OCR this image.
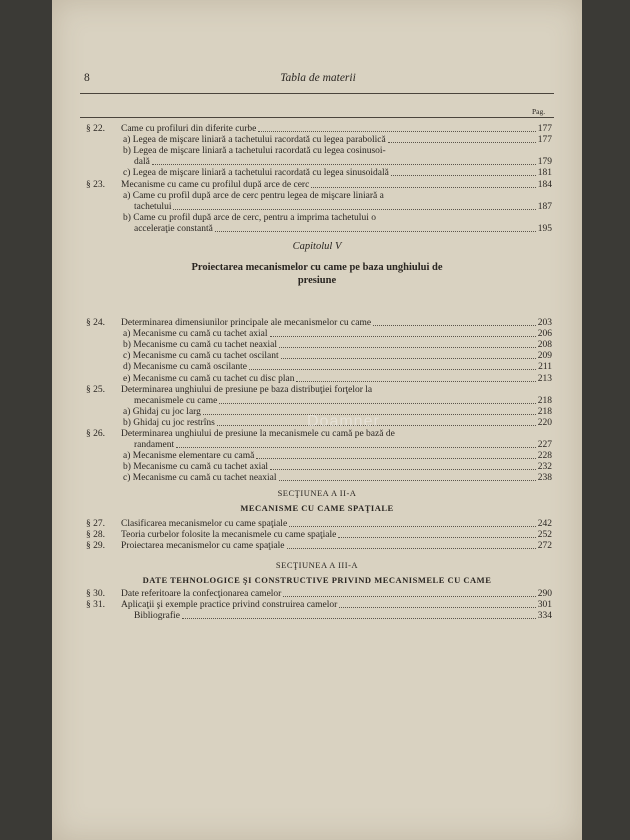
8	Tabla de materii
Pag.
§ 22. Came cu profiluri din diferite curbe	177
a) Legea de mişcare liniară a tachetului racordată cu legea parabolică	177
b) Legea de mişcare liniară a tachetului racordată cu legea cosinusoi-
dală	179
c) Legea de mişcare liniară a tachetului racordată cu legea sinusoidală	181
§ 23. Mecanisme cu came cu profilul după arce de cerc	184
a) Came cu profil după arce de cerc pentru legea de mişcare liniară a
tachetului	187
b) Came cu profil după arce de cerc, pentru a imprima tachetului o
acceleraţie constantă	195
Capitolul V
Proiectarea mecanismelor cu came pe baza unghiului de
presiune
§ 24. Determinarea dimensiunilor principale ale mecanismelor cu came	203
a) Mecanisme cu camă cu tachet axial	206
b) Mecanisme cu camă cu tachet neaxial	208
c) Mecanisme cu camă cu tachet oscilant	209
d) Mecanisme cu camă oscilante	211
e) Mecanisme cu camă cu tachet cu disc plan	213
§ 25. Determinarea unghiului de presiune pe baza distribuţiei forţelor la
mecanismele cu came	218
a) Ghidaj cu joc larg	218
b) Ghidaj cu joc restrîns	220
§ 26. Determinarea unghiului de presiune la mecanismele cu camă pe bază de
randament	227
a) Mecanisme elementare cu camă	228
b) Mecanisme cu camă cu tachet axial	232
c) Mecanisme cu camă cu tachet neaxial	238
SECŢIUNEA A II-A
MECANISME CU CAME SPAŢIALE
§ 27. Clasificarea mecanismelor cu came spaţiale	242
§ 28. Teoria curbelor folosite la mecanismele cu came spaţiale	252
§ 29. Proiectarea mecanismelor cu came spaţiale	272
SECŢIUNEA A III-A
DATE TEHNOLOGICE ŞI CONSTRUCTIVE PRIVIND MECANISMELE CU CAME
§ 30. Date referitoare la confecţionarea camelor	290
§ 31. Aplicaţii şi exemple practice privind construirea camelor	301
Bibliografie	334
Doamner
